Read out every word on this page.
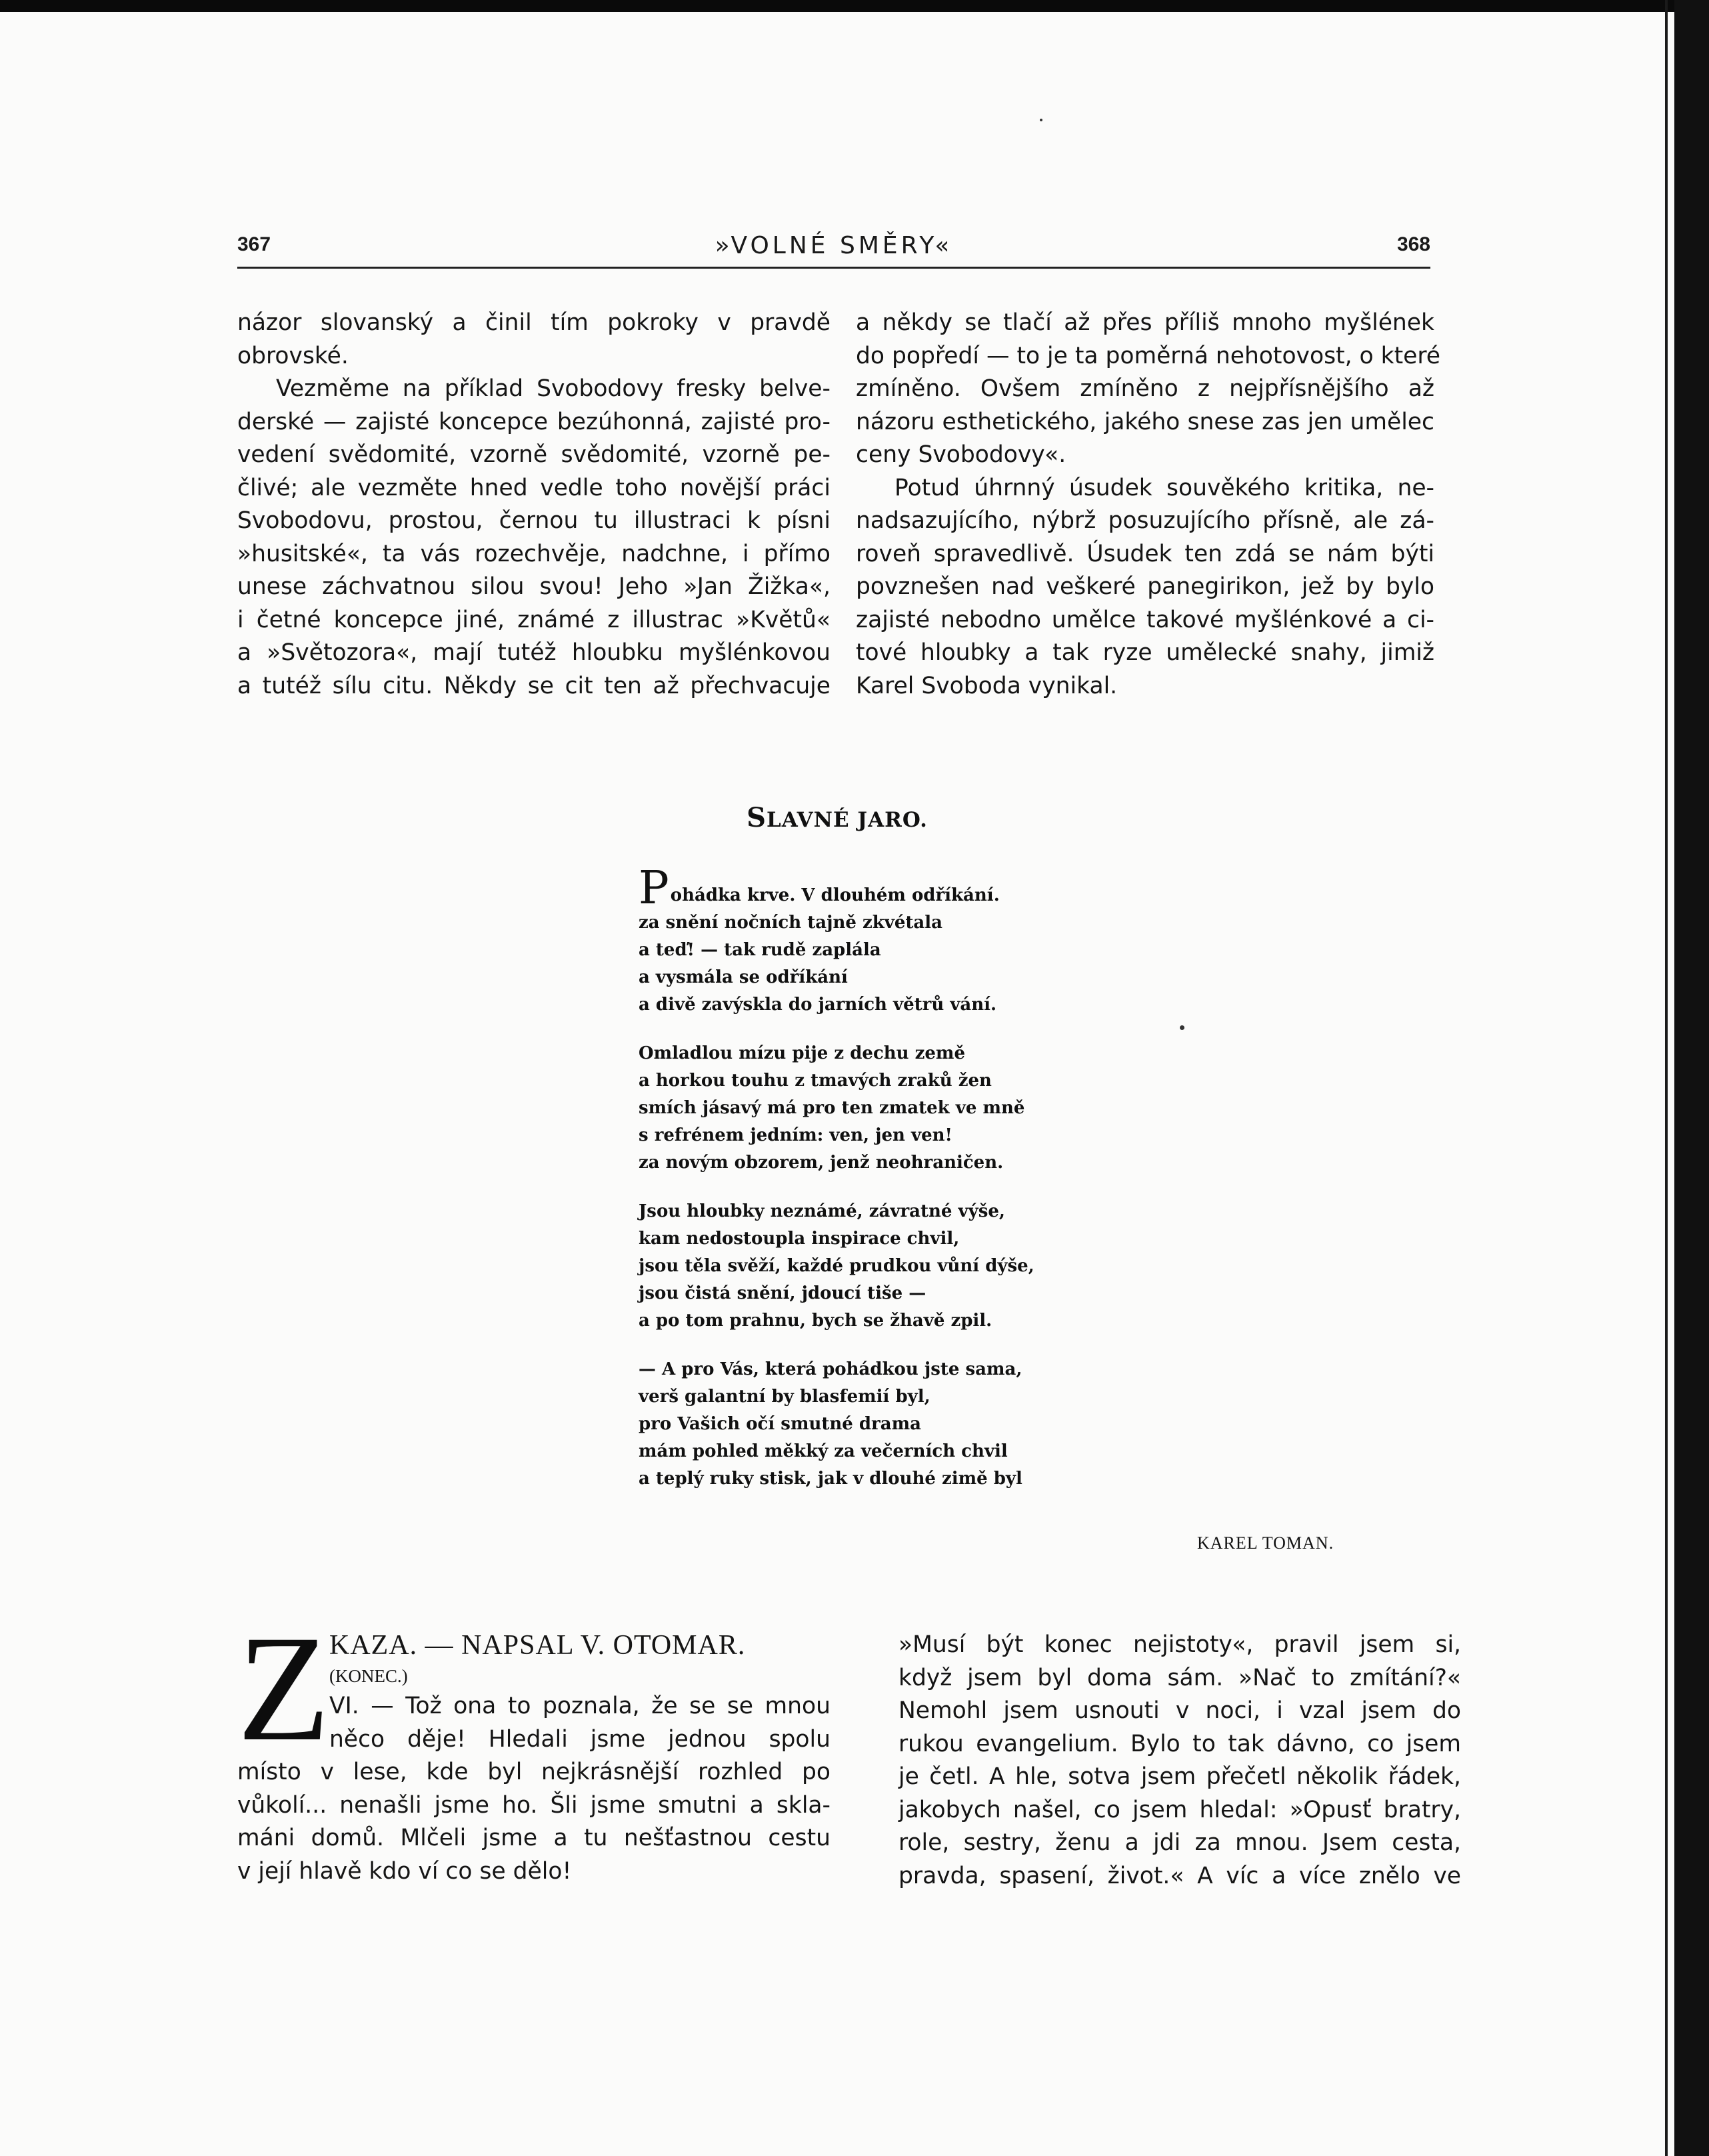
367	»VOLNÉ SMĚRY«	368
názor slovanský a činil tím pokroky v pravdě
obrovské.
Vezměme na příklad Svobodovy fresky belve-
derské — zajisté koncepce bezúhonná, zajisté pro-
vedení svědomité, vzorně svědomité, vzorně pe-
člivé; ale vezměte hned vedle toho novější práci
Svobodovu, prostou, černou tu illustraci k písni
»husitské«, ta vás rozechvěje, nadchne, i přímo
unese záchvatnou silou svou! Jeho »Jan Žižka«,
i četné koncepce jiné, známé z illustrac »Květů«
a »Světozora«, mají tutéž hloubku myšlénkovou
a tutéž sílu citu. Někdy se cit ten až přechvacuje
a někdy se tlačí až přes příliš mnoho myšlének
do popředí — to je ta poměrná nehotovost, o které
zmíněno. Ovšem zmíněno z nejpřísnějšího až
názoru esthetického, jakého snese zas jen umělec
ceny Svobodovy«.
Potud úhrnný úsudek souvěkého kritika, ne-
nadsazujícího, nýbrž posuzujícího přísně, ale zá-
roveň spravedlivě. Úsudek ten zdá se nám býti
povznešen nad veškeré panegirikon, jež by bylo
zajisté nebodno umělce takové myšlénkové a ci-
tové hloubky a tak ryze umělecké snahy, jimiž
Karel Svoboda vynikal.
SLAVNÉ JARO.
Pohádka krve. V dlouhém odříkání.
za snění nočních tajně zkvétala
a teď! — tak rudě zaplála
a vysmála se odříkání
a divě zavýskla do jarních větrů vání.
Omladlou mízu pije z dechu země
a horkou touhu z tmavých zraků žen
smích jásavý má pro ten zmatek ve mně
s refrénem jedním: ven, jen ven!
za novým obzorem, jenž neohraničen.
Jsou hloubky neznámé, závratné výše,
kam nedostoupla inspirace chvil,
jsou těla svěží, každé prudkou vůní dýše,
jsou čistá snění, jdoucí tiše —
a po tom prahnu, bych se žhavě zpil.
— A pro Vás, která pohádkou jste sama,
verš galantní by blasfemií byl,
pro Vašich očí smutné drama
mám pohled měkký za večerních chvil
a teplý ruky stisk, jak v dlouhé zimě byl
KAREL TOMAN.
Z
KAZA. — NAPSAL V. OTOMAR.
(KONEC.)
VI. — Tož ona to poznala, že se se mnou
něco děje! Hledali jsme jednou spolu
místo v lese, kde byl nejkrásnější rozhled po
vůkolí... nenašli jsme ho. Šli jsme smutni a skla-
máni domů. Mlčeli jsme a tu nešťastnou cestu
v její hlavě kdo ví co se dělo!
»Musí být konec nejistoty«, pravil jsem si,
když jsem byl doma sám. »Nač to zmítání?«
Nemohl jsem usnouti v noci, i vzal jsem do
rukou evangelium. Bylo to tak dávno, co jsem
je četl. A hle, sotva jsem přečetl několik řádek,
jakobych našel, co jsem hledal: »Opusť bratry,
role, sestry, ženu a jdi za mnou. Jsem cesta,
pravda, spasení, život.« A víc a více znělo ve
